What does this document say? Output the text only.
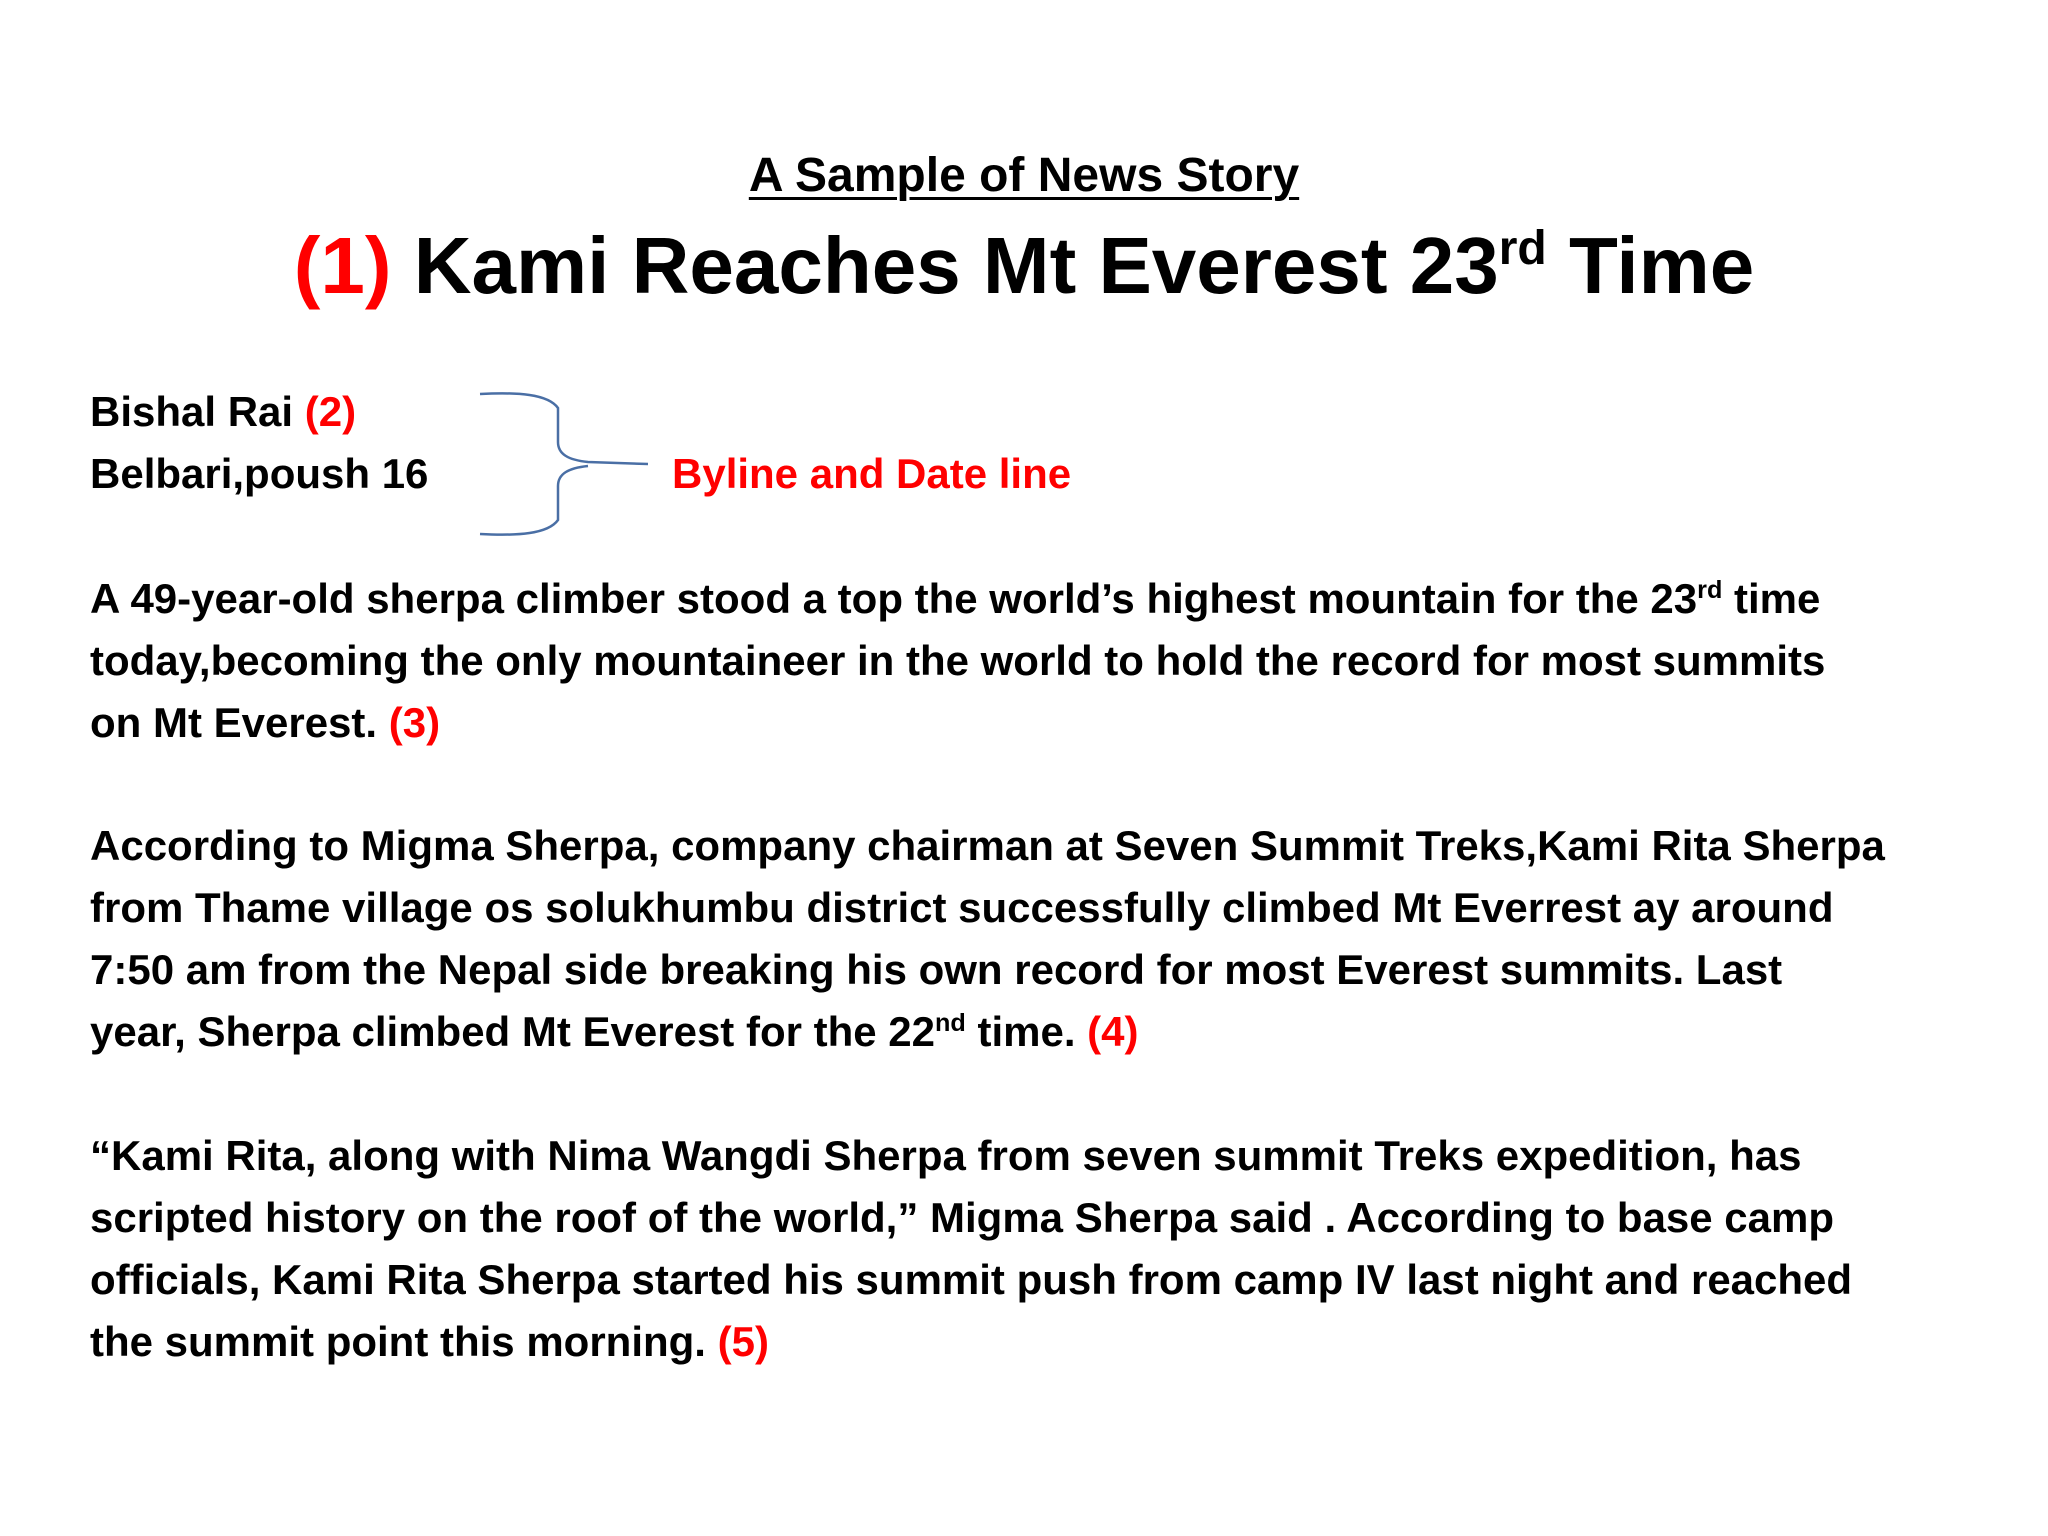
A Sample of News Story
(1) Kami Reaches Mt Everest 23rd Time
Bishal Rai (2)
Belbari,poush 16	Byline and Date line
A 49-year-old sherpa climber stood a top the world’s highest mountain for the 23rd time
today,becoming the only mountaineer in the world to hold the record for most summits
on Mt Everest. (3)
According to Migma Sherpa, company chairman at Seven Summit Treks,Kami Rita Sherpa
from Thame village os solukhumbu district successfully climbed Mt Everrest ay around
7:50 am from the Nepal side breaking his own record for most Everest summits. Last
year, Sherpa climbed Mt Everest for the 22nd time. (4)
“Kami Rita, along with Nima Wangdi Sherpa from seven summit Treks expedition, has
scripted history on the roof of the world,” Migma Sherpa said . According to base camp
officials, Kami Rita Sherpa started his summit push from camp IV last night and reached
the summit point this morning. (5)
